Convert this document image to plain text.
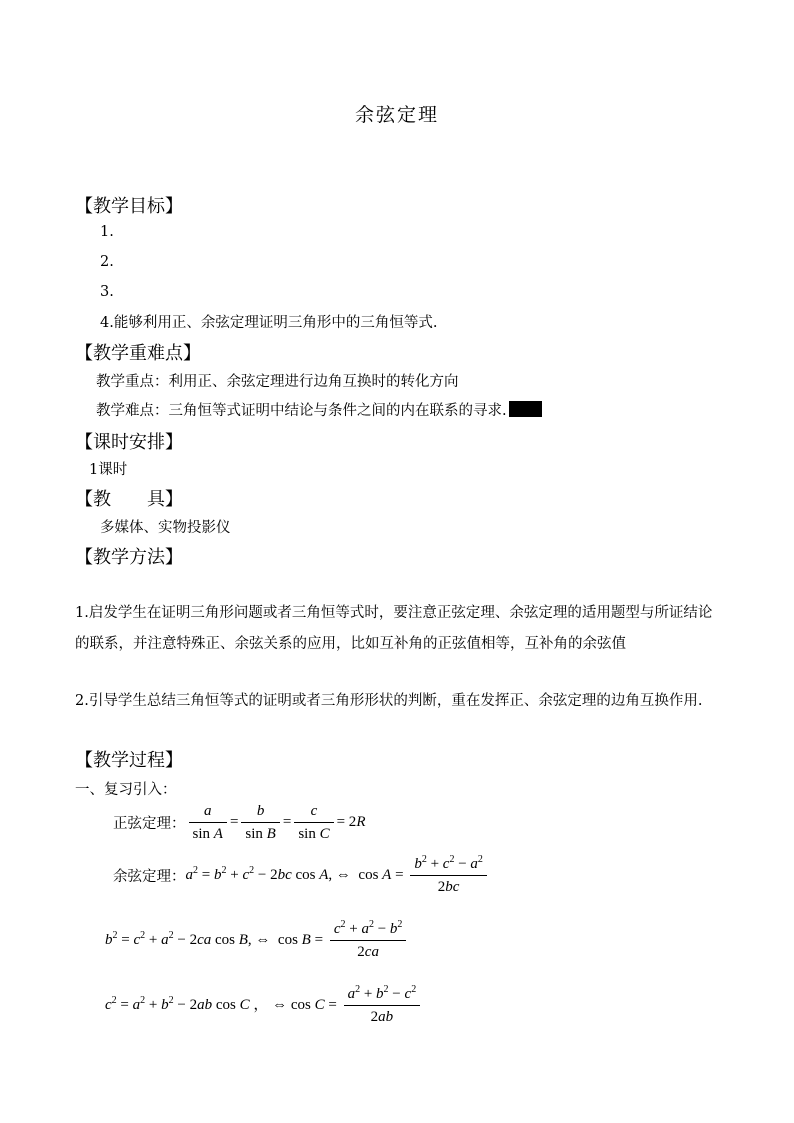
余弦定理
【教学目标】
1.
2.
3.
4.能够利用正、余弦定理证明三角形中的三角恒等式.
【教学重难点】
教学重点：利用正、余弦定理进行边角互换时的转化方向
教学难点：三角恒等式证明中结论与条件之间的内在联系的寻求.
【课时安排】
1课时
【教　　具】
多媒体、实物投影仪
【教学方法】
1.启发学生在证明三角形问题或者三角恒等式时，要注意正弦定理、余弦定理的适用题型与所证结论的联系，并注意特殊正、余弦关系的应用，比如互补角的正弦值相等，互补角的余弦值
2.引导学生总结三角恒等式的证明或者三角形形状的判断，重在发挥正、余弦定理的边角互换作用.
【教学过程】
一、复习引入：
正弦定理： $\frac{a}{\text{sin A}} = \frac{b}{\text{sin B}} = \frac{c}{\text{sin C}} = 2R$
余弦定理： $a^2 = b^2 + c^2 - 2bc$ cos A, ⇔  $\cos A = \frac{b^2 + c^2 - a^2}{2bc}$
$b^2 = c^2 + a^2 - 2ca$ cos B, ⇔  $\cos B = \frac{c^2 + a^2 - b^2}{2ca}$
$c^2 = a^2 + b^2 - 2ab$ cos C ， ⇔ $\cos C = \frac{a^2 + b^2 - c^2}{2ab}$
